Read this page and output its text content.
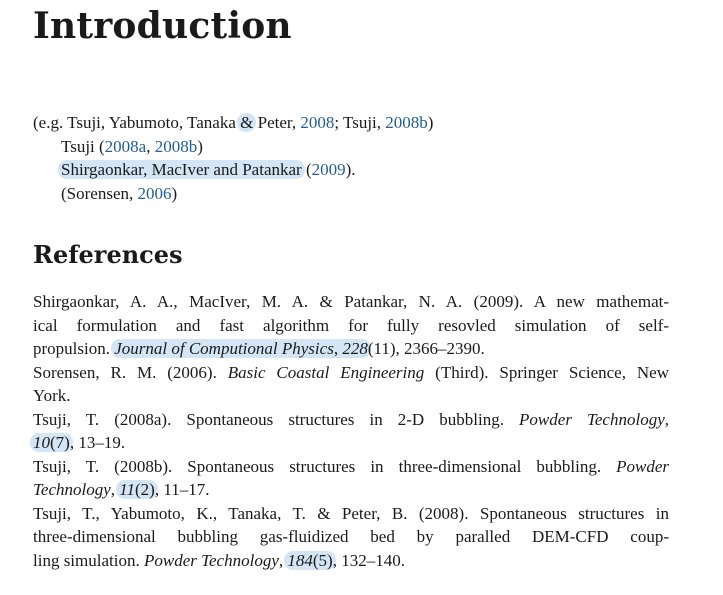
Introduction
(e.g. Tsuji, Yabumoto, Tanaka & Peter, 2008; Tsuji, 2008b)
Tsuji (2008a, 2008b)
Shirgaonkar, MacIver and Patankar (2009).
(Sorensen, 2006)
References

Shirgaonkar, A. A., MacIver, M. A. & Patankar, N. A. (2009). A new mathemat-
ical formulation and fast algorithm for fully resovled simulation of self-
propulsion. Journal of Computional Physics, 228(11), 2366–2390.

Sorensen, R. M. (2006). Basic Coastal Engineering (Third). Springer Science, New
York.

Tsuji, T. (2008a). Spontaneous structures in 2-D bubbling. Powder Technology,
10(7), 13–19.

Tsuji, T. (2008b). Spontaneous structures in three-dimensional bubbling. Powder
Technology, 11(2), 11–17.

Tsuji, T., Yabumoto, K., Tanaka, T. & Peter, B. (2008). Spontaneous structures in
three-dimensional bubbling gas-fluidized bed by paralled DEM-CFD coup-
ling simulation. Powder Technology, 184(5), 132–140.
